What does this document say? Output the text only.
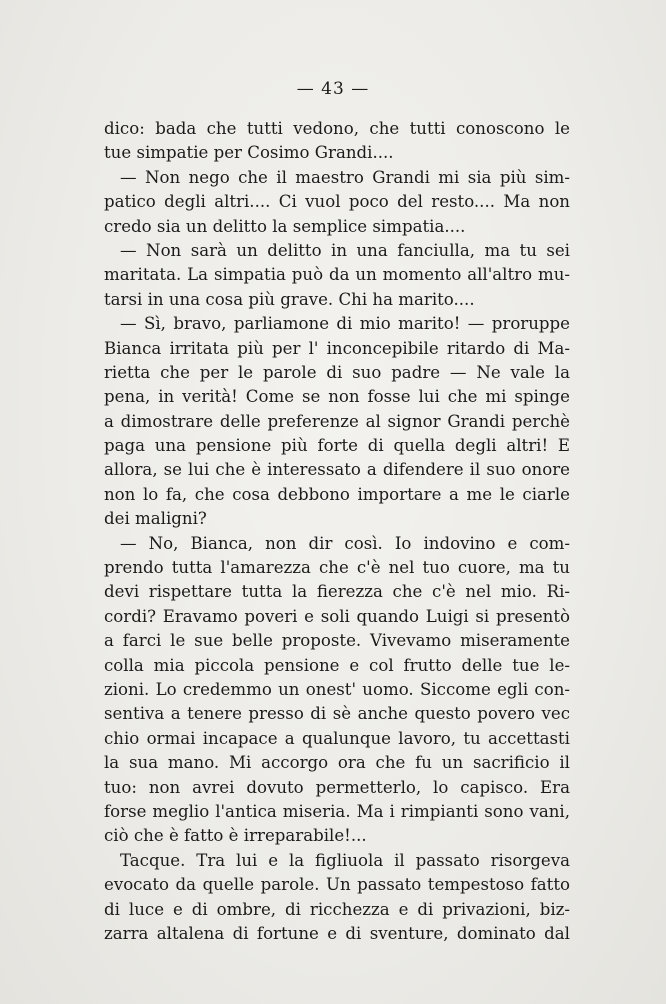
— 43 —
dico: bada che tutti vedono, che tutti conoscono le
tue simpatie per Cosimo Grandi....
— Non nego che il maestro Grandi mi sia più sim-
patico degli altri.... Ci vuol poco del resto.... Ma non
credo sia un delitto la semplice simpatia....
— Non sarà un delitto in una fanciulla, ma tu sei
maritata. La simpatia può da un momento all'altro mu-
tarsi in una cosa più grave. Chi ha marito....
— Sì, bravo, parliamone di mio marito! — proruppe
Bianca irritata più per l' inconcepibile ritardo di Ma-
rietta che per le parole di suo padre — Ne vale la
pena, in verità! Come se non fosse lui che mi spinge
a dimostrare delle preferenze al signor Grandi perchè
paga una pensione più forte di quella degli altri! E
allora, se lui che è interessato a difendere il suo onore
non lo fa, che cosa debbono importare a me le ciarle
dei maligni?
— No, Bianca, non dir così. Io indovino e com-
prendo tutta l'amarezza che c'è nel tuo cuore, ma tu
devi rispettare tutta la fierezza che c'è nel mio. Ri-
cordi? Eravamo poveri e soli quando Luigi si presentò
a farci le sue belle proposte. Vivevamo miseramente
colla mia piccola pensione e col frutto delle tue le-
zioni. Lo credemmo un onest' uomo. Siccome egli con-
sentiva a tenere presso di sè anche questo povero vec
chio ormai incapace a qualunque lavoro, tu accettasti
la sua mano. Mi accorgo ora che fu un sacrificio il
tuo: non avrei dovuto permetterlo, lo capisco. Era
forse meglio l'antica miseria. Ma i rimpianti sono vani,
ciò che è fatto è irreparabile!...
Tacque. Tra lui e la figliuola il passato risorgeva
evocato da quelle parole. Un passato tempestoso fatto
di luce e di ombre, di ricchezza e di privazioni, biz-
zarra altalena di fortune e di sventure, dominato dal
